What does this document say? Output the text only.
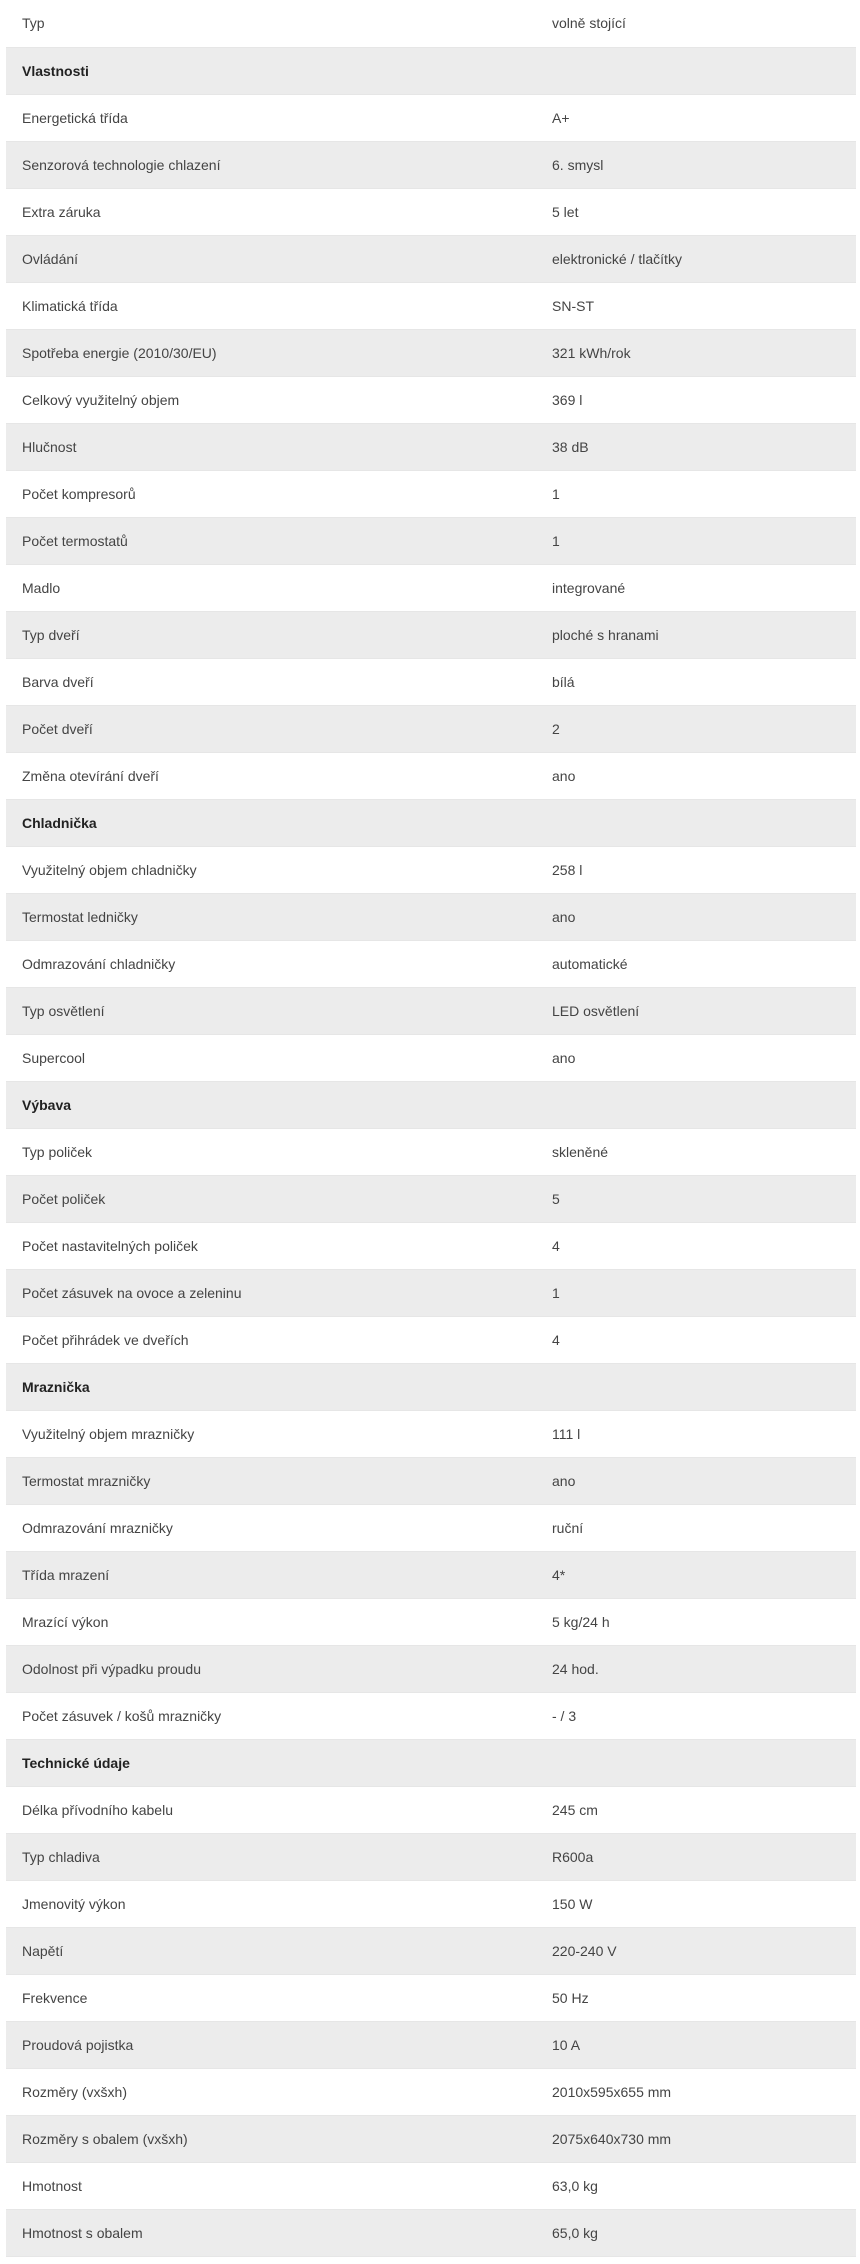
Typ	volně stojící
Vlastnosti	
Energetická třída	A+
Senzorová technologie chlazení	6. smysl
Extra záruka	5 let
Ovládání	elektronické / tlačítky
Klimatická třída	SN-ST
Spotřeba energie (2010/30/EU)	321 kWh/rok
Celkový využitelný objem	369 l
Hlučnost	38 dB
Počet kompresorů	1
Počet termostatů	1
Madlo	integrované
Typ dveří	ploché s hranami
Barva dveří	bílá
Počet dveří	2
Změna otevírání dveří	ano
Chladnička	
Využitelný objem chladničky	258 l
Termostat ledničky	ano
Odmrazování chladničky	automatické
Typ osvětlení	LED osvětlení
Supercool	ano
Výbava	
Typ poliček	skleněné
Počet poliček	5
Počet nastavitelných poliček	4
Počet zásuvek na ovoce a zeleninu	1
Počet přihrádek ve dveřích	4
Mraznička	
Využitelný objem mrazničky	111 l
Termostat mrazničky	ano
Odmrazování mrazničky	ruční
Třída mrazení	4*
Mrazící výkon	5 kg/24 h
Odolnost při výpadku proudu	24 hod.
Počet zásuvek / košů mrazničky	- / 3
Technické údaje	
Délka přívodního kabelu	245 cm
Typ chladiva	R600a
Jmenovitý výkon	150 W
Napětí	220-240 V
Frekvence	50 Hz
Proudová pojistka	10 A
Rozměry (vxšxh)	2010x595x655 mm
Rozměry s obalem (vxšxh)	2075x640x730 mm
Hmotnost	63,0 kg
Hmotnost s obalem	65,0 kg
